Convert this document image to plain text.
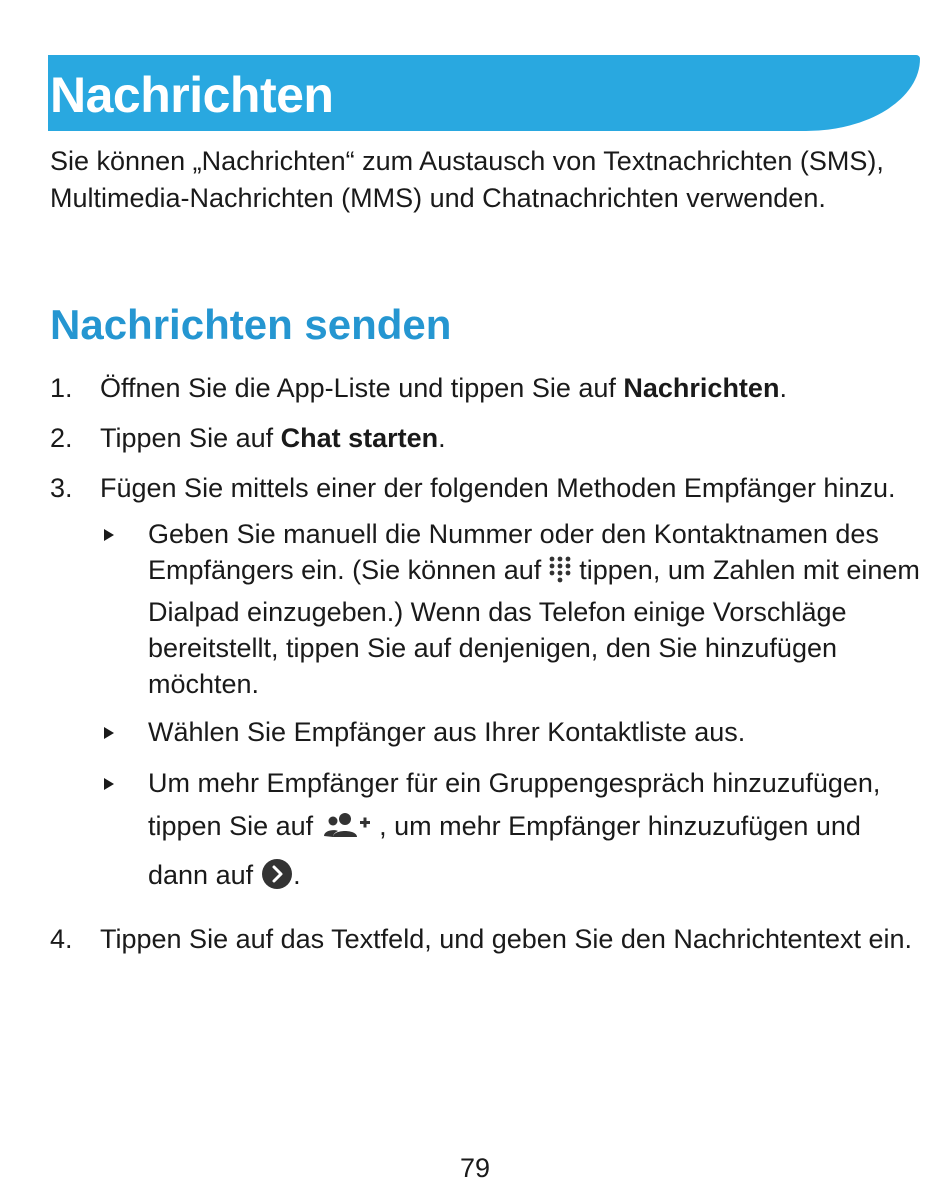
Nachrichten

Sie können „Nachrichten“ zum Austausch von Textnachrichten (SMS), Multimedia-Nachrichten (MMS) und Chatnachrichten verwenden.

Nachrichten senden
1. Öffnen Sie die App-Liste und tippen Sie auf Nachrichten.
2. Tippen Sie auf Chat starten.
3. Fügen Sie mittels einer der folgenden Methoden Empfänger hinzu.
Geben Sie manuell die Nummer oder den Kontaktnamen des Empfängers ein. (Sie können auf tippen, um Zahlen mit einem Dialpad einzugeben.) Wenn das Telefon einige Vorschläge bereitstellt, tippen Sie auf denjenigen, den Sie hinzufügen möchten.
Wählen Sie Empfänger aus Ihrer Kontaktliste aus.
Um mehr Empfänger für ein Gruppengespräch hinzuzufügen, tippen Sie auf , um mehr Empfänger hinzuzufügen und dann auf .
4. Tippen Sie auf das Textfeld, und geben Sie den Nachrichtentext ein.
79
